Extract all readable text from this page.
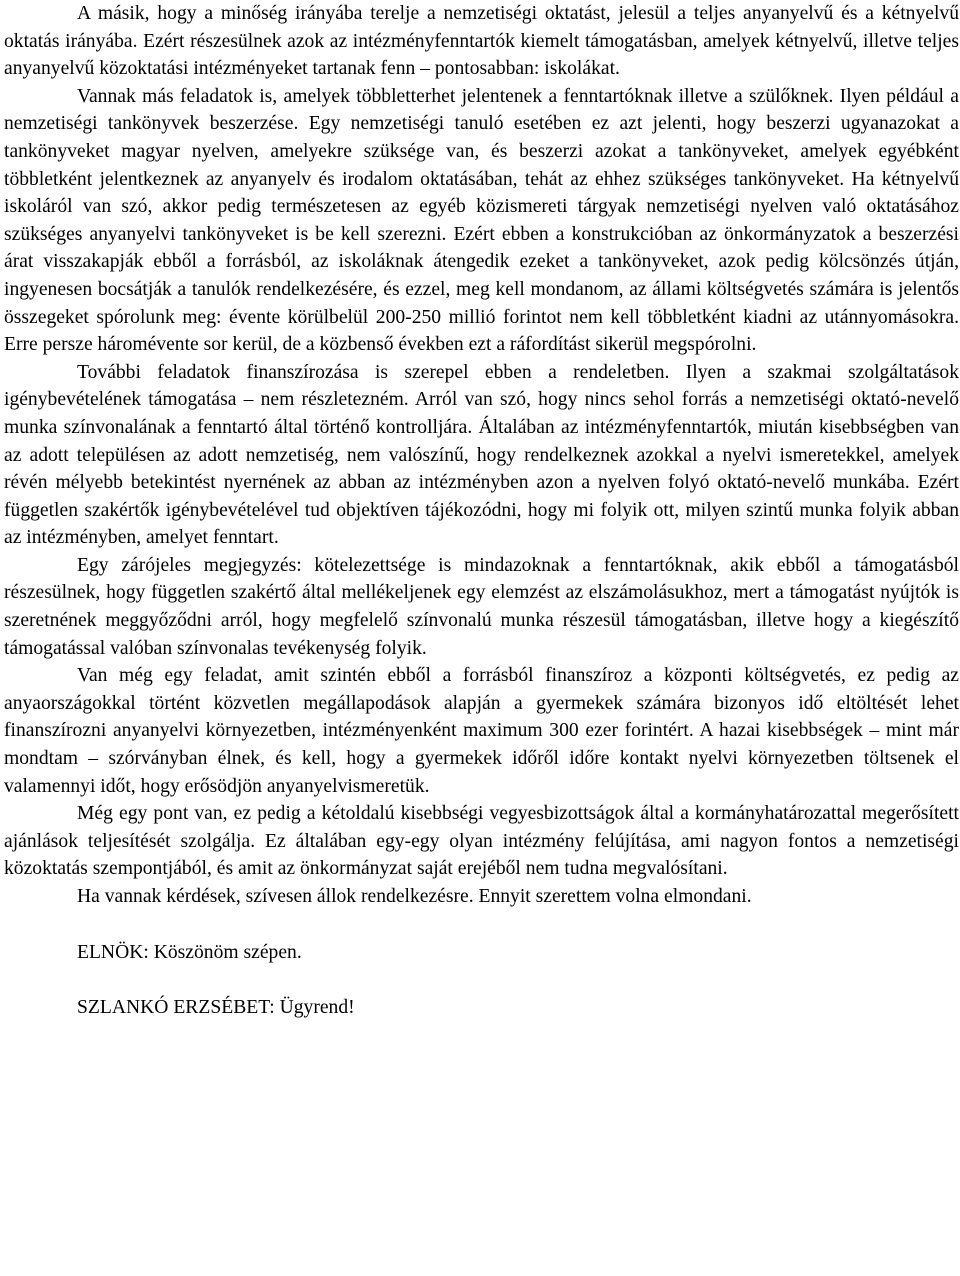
A másik, hogy a minőség irányába terelje a nemzetiségi oktatást, jelesül a teljes anyanyelvű és a kétnyelvű oktatás irányába. Ezért részesülnek azok az intézményfenntartók kiemelt támogatásban, amelyek kétnyelvű, illetve teljes anyanyelvű közoktatási intézményeket tartanak fenn – pontosabban: iskolákat.

Vannak más feladatok is, amelyek többletterhet jelentenek a fenntartóknak illetve a szülőknek. Ilyen például a nemzetiségi tankönyvek beszerzése. Egy nemzetiségi tanuló esetében ez azt jelenti, hogy beszerzi ugyanazokat a tankönyveket magyar nyelven, amelyekre szüksége van, és beszerzi azokat a tankönyveket, amelyek egyébként többletként jelentkeznek az anyanyelv és irodalom oktatásában, tehát az ehhez szükséges tankönyveket. Ha kétnyelvű iskoláról van szó, akkor pedig természetesen az egyéb közismereti tárgyak nemzetiségi nyelven való oktatásához szükséges anyanyelvi tankönyveket is be kell szerezni. Ezért ebben a konstrukcióban az önkormányzatok a beszerzési árat visszakapják ebből a forrásból, az iskoláknak átengedik ezeket a tankönyveket, azok pedig kölcsönzés útján, ingyenesen bocsátják a tanulók rendelkezésére, és ezzel, meg kell mondanom, az állami költségvetés számára is jelentős összegeket spórolunk meg: évente körülbelül 200-250 millió forintot nem kell többletként kiadni az utánnyomásokra. Erre persze háromévente sor kerül, de a közbenső években ezt a ráfordítást sikerül megspórolni.

További feladatok finanszírozása is szerepel ebben a rendeletben. Ilyen a szakmai szolgáltatások igénybevételének támogatása – nem részletezném. Arról van szó, hogy nincs sehol forrás a nemzetiségi oktató-nevelő munka színvonalának a fenntartó által történő kontrolljára. Általában az intézményfenntartók, miután kisebbségben van az adott településen az adott nemzetiség, nem valószínű, hogy rendelkeznek azokkal a nyelvi ismeretekkel, amelyek révén mélyebb betekintést nyernének az abban az intézményben azon a nyelven folyó oktató-nevelő munkába. Ezért független szakértők igénybevételével tud objektíven tájékozódni, hogy mi folyik ott, milyen szintű munka folyik abban az intézményben, amelyet fenntart.

Egy zárójeles megjegyzés: kötelezettsége is mindazoknak a fenntartóknak, akik ebből a támogatásból részesülnek, hogy független szakértő által mellékeljenek egy elemzést az elszámolásukhoz, mert a támogatást nyújtók is szeretnének meggyőződni arról, hogy megfelelő színvonalú munka részesül támogatásban, illetve hogy a kiegészítő támogatással valóban színvonalas tevékenység folyik.

Van még egy feladat, amit szintén ebből a forrásból finanszíroz a központi költségvetés, ez pedig az anyaországokkal történt közvetlen megállapodások alapján a gyermekek számára bizonyos idő eltöltését lehet finanszírozni anyanyelvi környezetben, intézményenként maximum 300 ezer forintért. A hazai kisebbségek – mint már mondtam – szórványban élnek, és kell, hogy a gyermekek időről időre kontakt nyelvi környezetben töltsenek el valamennyi időt, hogy erősödjön anyanyelvismeretük.

Még egy pont van, ez pedig a kétoldalú kisebbségi vegyesbizottságok által a kormányhatározattal megerősített ajánlások teljesítését szolgálja. Ez általában egy-egy olyan intézmény felújítása, ami nagyon fontos a nemzetiségi közoktatás szempontjából, és amit az önkormányzat saját erejéből nem tudna megvalósítani.

Ha vannak kérdések, szívesen állok rendelkezésre. Ennyit szerettem volna elmondani.

ELNÖK: Köszönöm szépen.

SZLANKÓ ERZSÉBET: Ügyrend!
